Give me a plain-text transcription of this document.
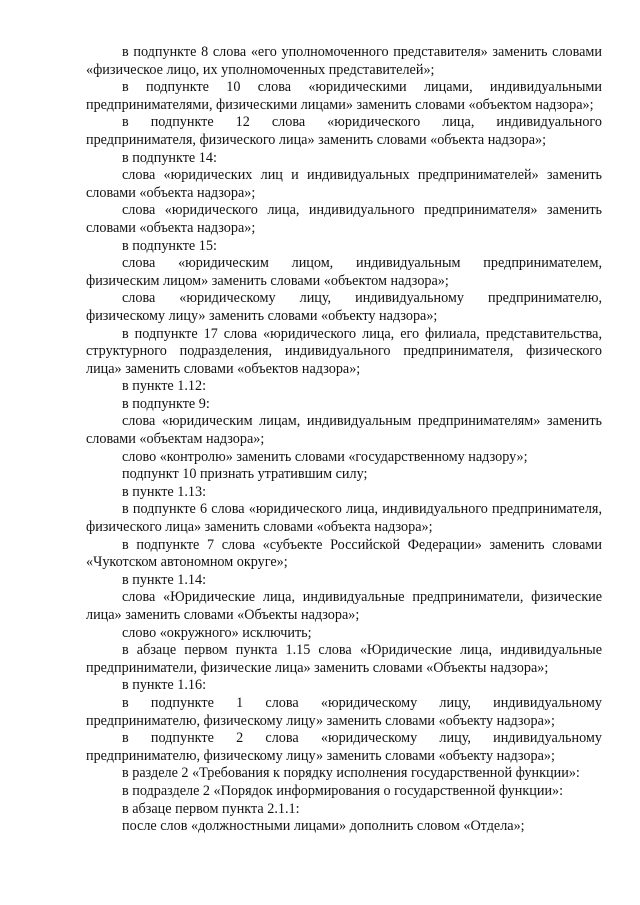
в подпункте 8 слова «его уполномоченного представителя» заменить словами «физическое лицо, их уполномоченных представителей»;

в подпункте 10 слова «юридическими лицами, индивидуальными предпринимателями, физическими лицами» заменить словами «объектом надзора»;

в подпункте 12 слова «юридического лица, индивидуального предпринимателя, физического лица» заменить словами «объекта надзора»;

в подпункте 14:

слова «юридических лиц и индивидуальных предпринимателей» заменить словами «объекта надзора»;

слова «юридического лица, индивидуального предпринимателя» заменить словами «объекта надзора»;

в подпункте 15:

слова «юридическим лицом, индивидуальным предпринимателем, физическим лицом» заменить словами «объектом надзора»;

слова «юридическому лицу, индивидуальному предпринимателю, физическому лицу» заменить словами «объекту надзора»;

в подпункте 17 слова «юридического лица, его филиала, представительства, структурного подразделения, индивидуального предпринимателя, физического лица» заменить словами «объектов надзора»;

в пункте 1.12:

в подпункте 9:

слова «юридическим лицам, индивидуальным предпринимателям» заменить словами «объектам надзора»;

слово «контролю» заменить словами «государственному надзору»;

подпункт 10 признать утратившим силу;

в пункте 1.13:

в подпункте 6 слова «юридического лица, индивидуального предпринимателя, физического лица» заменить словами «объекта надзора»;

в подпункте 7 слова «субъекте Российской Федерации» заменить словами «Чукотском автономном округе»;

в пункте 1.14:

слова «Юридические лица, индивидуальные предприниматели, физические лица» заменить словами «Объекты надзора»;

слово «окружного» исключить;

в абзаце первом пункта 1.15 слова «Юридические лица, индивидуальные предприниматели, физические лица» заменить словами «Объекты надзора»;

в пункте 1.16:

в подпункте 1 слова «юридическому лицу, индивидуальному предпринимателю, физическому лицу» заменить словами «объекту надзора»;

в подпункте 2 слова «юридическому лицу, индивидуальному предпринимателю, физическому лицу» заменить словами «объекту надзора»;

в разделе 2 «Требования к порядку исполнения государственной функции»:

в подразделе 2 «Порядок информирования о государственной функции»:

в абзаце первом пункта 2.1.1:

после слов «должностными лицами» дополнить словом «Отдела»;
